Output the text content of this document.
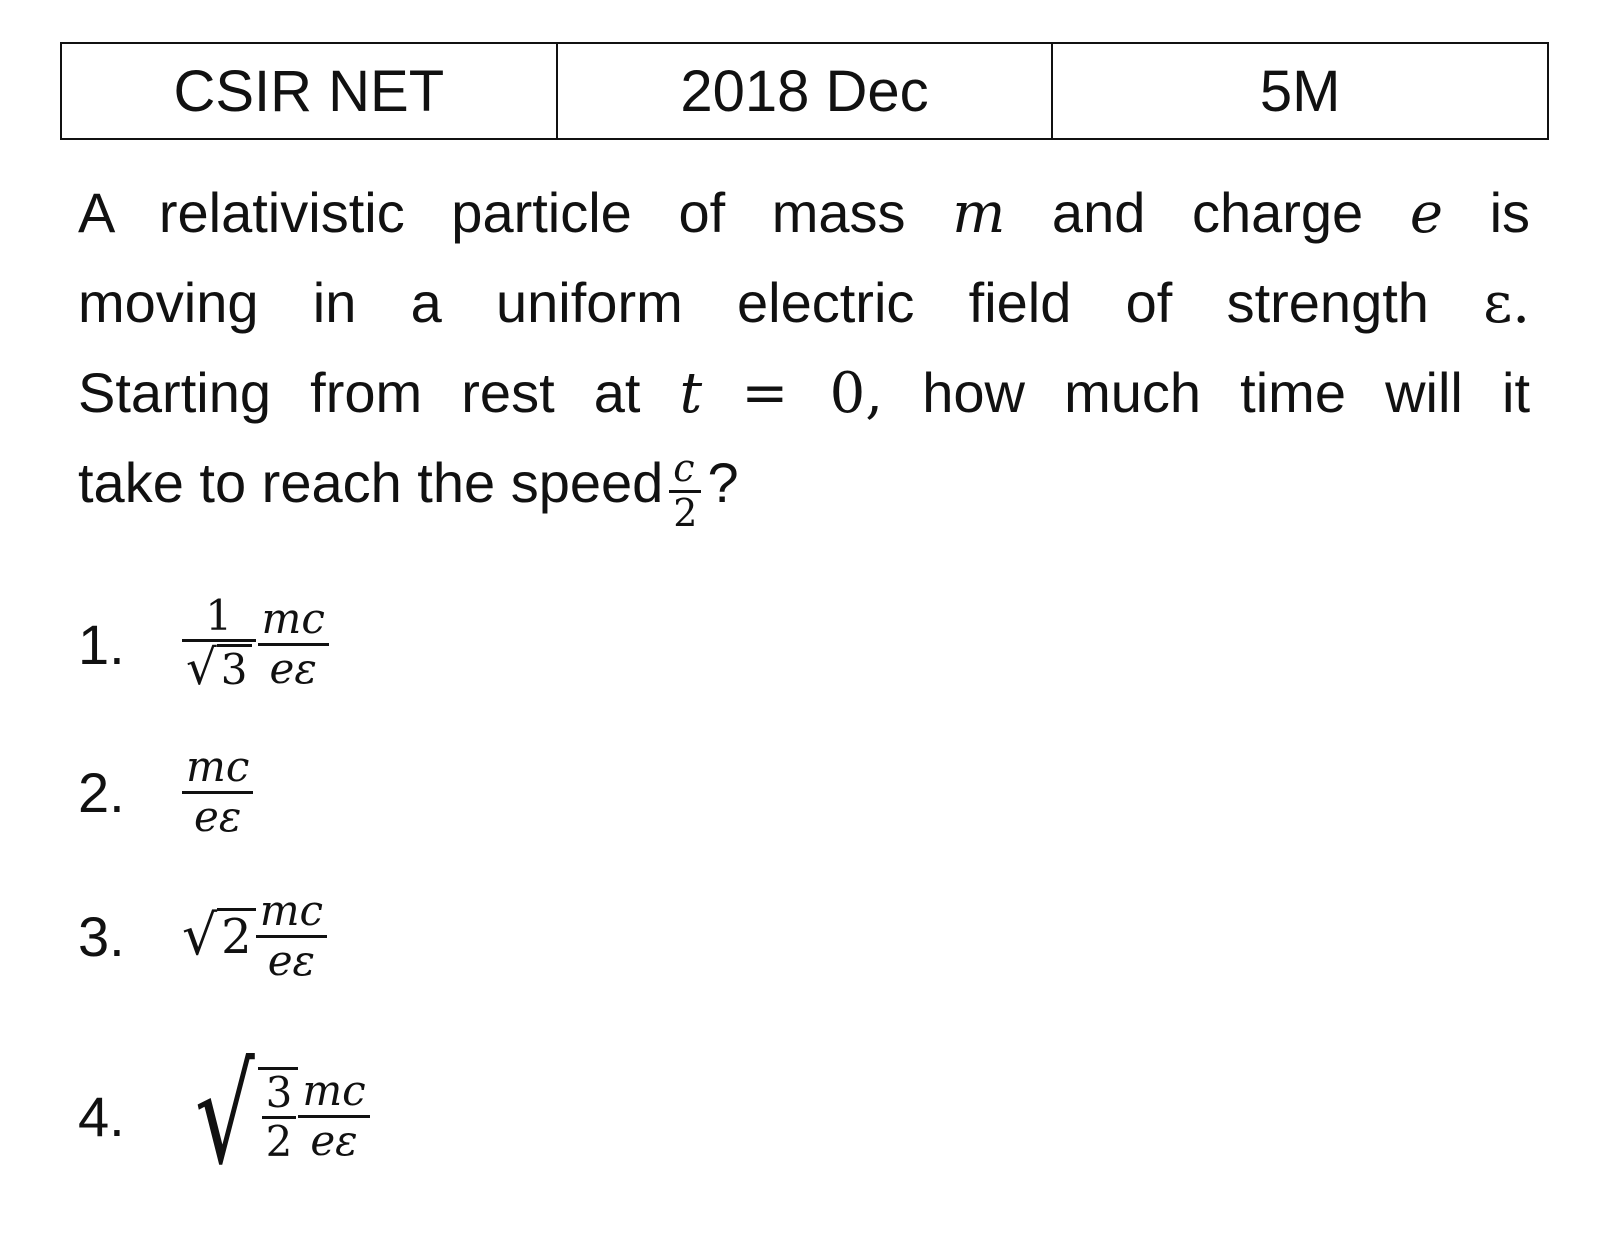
CSIR NET	2018 Dec	5M
A relativistic particle of mass m and charge e is
moving in a uniform electric field of strength ε.
Starting from rest at t = 0, how much time will it
take to reach the speed $\frac{c}{2}$ ?
1.	$\frac{1}{√3} \frac{mc}{e\varepsilon}$
2.	$\frac{mc}{e\varepsilon}$
3.	√ $2 \frac{mc}{e\varepsilon}$
4. √ $\frac{3}{2} \frac{mc}{e\varepsilon}$
